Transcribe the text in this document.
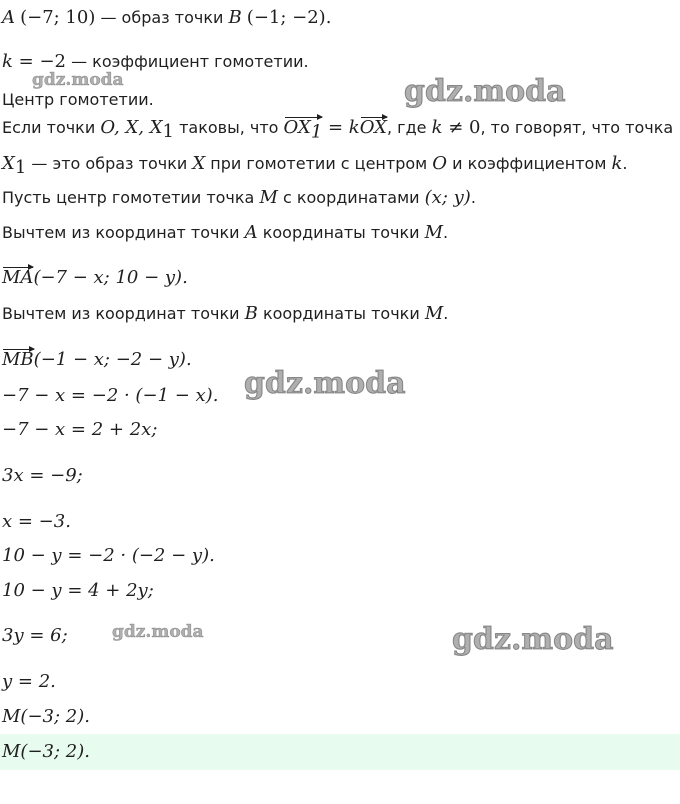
A (−7; 10) — образ точки B (−1; −2).
k = −2 — коэффициент гомотетии.
Центр гомотетии.
Если точки O, X, $X_1$ таковы, что $OX_1$ = kOX, где k ≠ 0, то говорят, что точка
$X_1$ — это образ точки X при гомотетии с центром O и коэффициентом k.
Пусть центр гомотетии точка M с координатами (x; y).
Вычтем из координат точки A координаты точки M.
MA(−7 − x; 10 − y).
Вычтем из координат точки B координаты точки M.
MB(−1 − x; −2 − y).
−7 − x = −2 · (−1 − x).
−7 − x = 2 + 2x;
3x = −9;
x = −3.
10 − y = −2 · (−2 − y).
10 − y = 4 + 2y;
3y = 6;
y = 2.
M(−3; 2).
M(−3; 2).
gdz.moda	gdz.moda
gdz.moda
gdz.moda	gdz.moda
